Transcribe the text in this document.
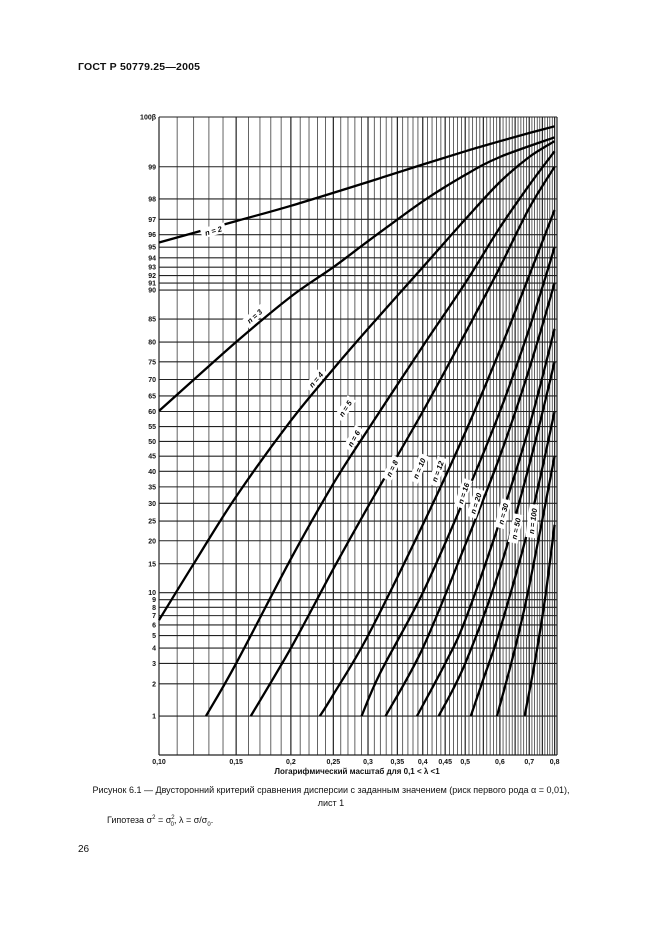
ГОСТ Р 50779.25—2005
n = 2
n = 3
n = 4
n = 5
n = 6
n = 8 n = 10 n = 12
n = 16
n = 20 n = 30
n = 50 n = 100
100β
99
98
97
96
95
94
93
92
91
90
85
80
75
70
65
60
55
50
45
40
35
30
25
20
15
10
9
8
7
6
5
4
3
2
1
0,10	0,15	0,2	0,25	0,3	0,35 0,4 0,45 0,5	0,6	0,7 0,8
Логарифмический масштаб для 0,1 < λ <1
Рисунок 6.1 — Двусторонний критерий сравнения дисперсии с заданным значением (риск первого рода α = 0,01),
лист 1
Гипотеза $\sigma^2 = \sigma^2_0$, $\lambda = \sigma/\sigma_0$.
26
